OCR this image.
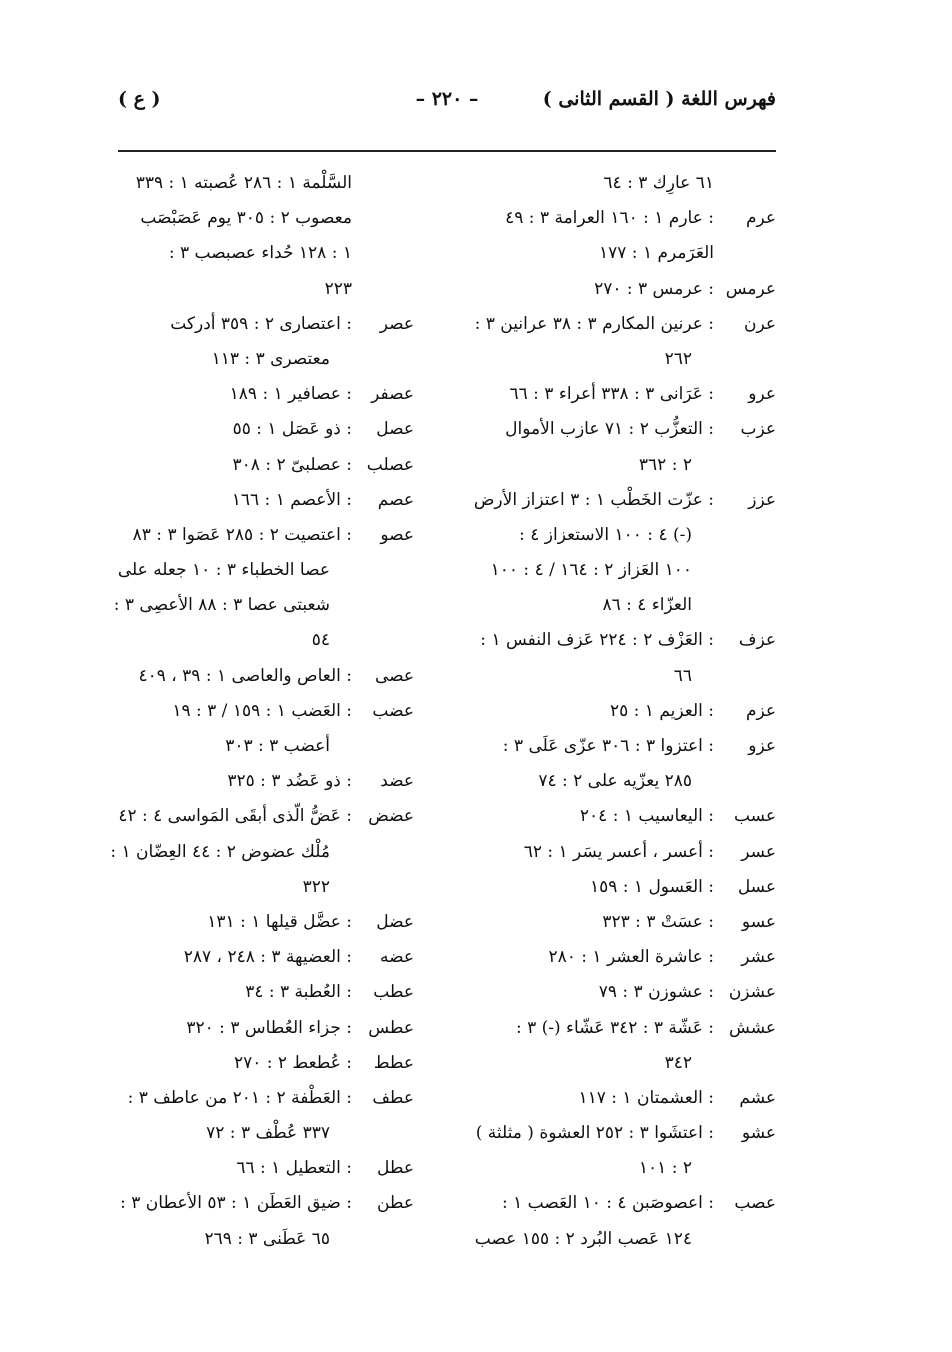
فهرس اللغة ( القسم الثانى )
– ٢٢٠ –
( ع )
٦١ عارِك ٣ : ٦٤
عرم
: عارم ١ : ١٦٠ العرامة ٣ : ٤٩
العَرَمرم ١ : ١٧٧
عرمس
: عرمس ٣ : ٢٧٠
عرن
: عرنين المكارم ٣ : ٣٨ عرانين ٣ :
٢٦٢
عرو
: عَرَانى ٣ : ٣٣٨ أعراء ٣ : ٦٦
عزب
: التعزُّب ٢ : ٧١ عازب الأموال
٢ : ٣٦٢
عزز
: عزّت الخَطْب ١ : ٣ اعتزاز الأرض
(-) ٤ : ١٠٠ الاستعزاز ٤ :
١٠٠ العَزاز ٢ : ١٦٤ / ٤ : ١٠٠
العزّاء ٤ : ٨٦
عزف
: العَزْف ٢ : ٢٢٤ عَزف النفس ١ :
٦٦
عزم
: العزيم ١ : ٢٥
عزو
: اعتزوا ٣ : ٣٠٦ عزّى عَلَى ٣ :
٢٨٥ يعزّيه على ٢ : ٧٤
عسب
: اليعاسيب ١ : ٢٠٤
عسر
: أعسر ، أعسر يسَر ١ : ٦٢
عسل
: العَسول ١ : ١٥٩
عسو
: عسَتْ ٣ : ٣٢٣
عشر
: عاشرة العشر ١ : ٢٨٠
عشزن
: عشوزن ٣ : ٧٩
عشش
: عَشّة ٣ : ٣٤٢ عَشّاء (-) ٣ :
٣٤٢
عشم
: العشمتان ١ : ١١٧
عشو
: اعتشَوا ٣ : ٢٥٢ العشوة ( مثلثة )
٢ : ١٠١
عصب
: اعصوصَبن ٤ : ١٠ العَصب ١ :
١٢٤ عَصب البُرد ٢ : ١٥٥ عصب
السَّلْمة ١ : ٢٨٦ عُصبته ١ : ٣٣٩
معصوب ٢ : ٣٠٥ يوم عَصَبْصَب
١ : ١٢٨ حُداء عصبصب ٣ :
٢٢٣
عصر
: اعتصارى ٢ : ٣٥٩ أدركت
معتصرى ٣ : ١١٣
عصفر
: عصافير ١ : ١٨٩
عصل
: ذو عَصَل ١ : ٥٥
عصلب
: عصلبىّ ٢ : ٣٠٨
عصم
: الأعصم ١ : ١٦٦
عصو
: اعتصيت ٢ : ٢٨٥ عَصَوا ٣ : ٨٣
عصا الخطباء ٣ : ١٠ جعله على
شعبتى عصا ٣ : ٨٨ الأعصِى ٣ :
٥٤
عصى
: العاص والعاصى ١ : ٣٩ ، ٤٠٩
عضب
: العَضب ١ : ١٥٩ / ٣ : ١٩
أعضب ٣ : ٣٠٣
عضد
: ذو عَضُد ٣ : ٣٢٥
عضض
: عَضُّ الّذى أبقَى المَواسى ٤ : ٤٢
مُلْك عضوض ٢ : ٤٤ العِضّان ١ :
٣٢٢
عضل
: عضَّل قيلها ١ : ١٣١
عضه
: العضيهة ٣ : ٢٤٨ ، ٢٨٧
عطب
: العُطبة ٣ : ٣٤
عطس
: جزاء العُطاس ٣ : ٣٢٠
عطط
: عُطعط ٢ : ٢٧٠
عطف
: العَطْفة ٢ : ٢٠١ من عاطف ٣ :
٣٣٧ عُطْف ٣ : ٧٢
عطل
: التعطيل ١ : ٦٦
عطن
: ضيق العَطَن ١ : ٥٣ الأعطان ٣ :
٦٥ عَطَنى ٣ : ٢٦٩
